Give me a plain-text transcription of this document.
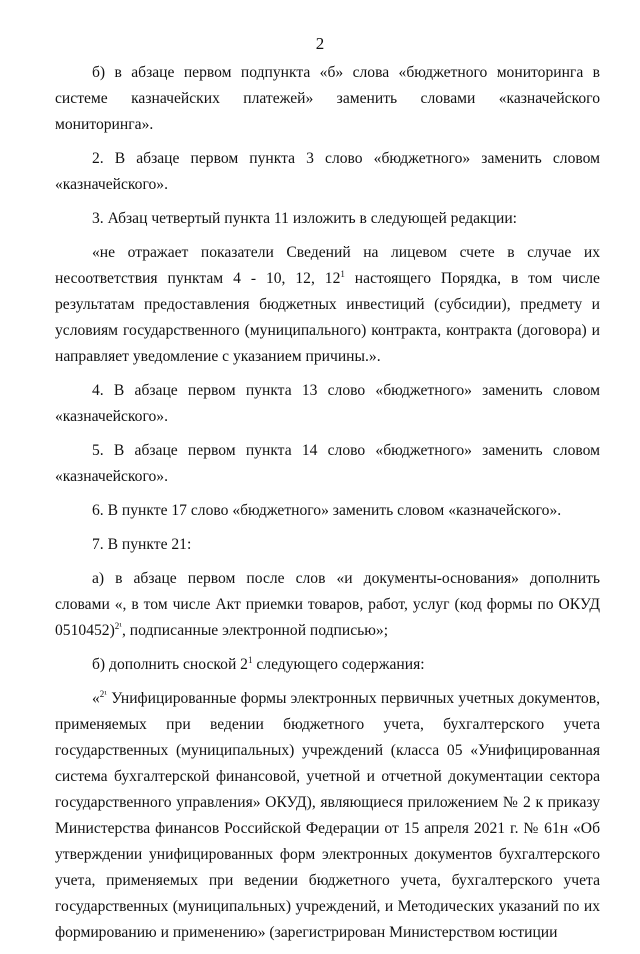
2

б) в абзаце первом подпункта «б» слова «бюджетного мониторинга в системе казначейских платежей» заменить словами «казначейского мониторинга».

2. В абзаце первом пункта 3 слово «бюджетного» заменить словом «казначейского».

3. Абзац четвертый пункта 11 изложить в следующей редакции:

«не отражает показатели Сведений на лицевом счете в случае их несоответствия пунктам 4 - 10, 12, $12^1$ настоящего Порядка, в том числе результатам предоставления бюджетных инвестиций (субсидии), предмету и условиям государственного (муниципального) контракта, контракта (договора) и направляет уведомление с указанием причины.».

4. В абзаце первом пункта 13 слово «бюджетного» заменить словом «казначейского».

5. В абзаце первом пункта 14 слово «бюджетного» заменить словом «казначейского».

6. В пункте 17 слово «бюджетного» заменить словом «казначейского».

7. В пункте 21:

а) в абзаце первом после слов «и документы-основания» дополнить словами «, в том числе Акт приемки товаров, работ, услуг (код формы по ОКУД 0510452)$^{2^1}$, подписанные электронной подписью»;

б) дополнить сноской $2^1$ следующего содержания:

«$^{2^1}$ Унифицированные формы электронных первичных учетных документов, применяемых при ведении бюджетного учета, бухгалтерского учета государственных (муниципальных) учреждений (класса 05 «Унифицированная система бухгалтерской финансовой, учетной и отчетной документации сектора государственного управления» ОКУД), являющиеся приложением № 2 к приказу Министерства финансов Российской Федерации от 15 апреля 2021 г. № 61н «Об утверждении унифицированных форм электронных документов бухгалтерского учета, применяемых при ведении бюджетного учета, бухгалтерского учета государственных (муниципальных) учреждений, и Методических указаний по их формированию и применению» (зарегистрирован Министерством юстиции
